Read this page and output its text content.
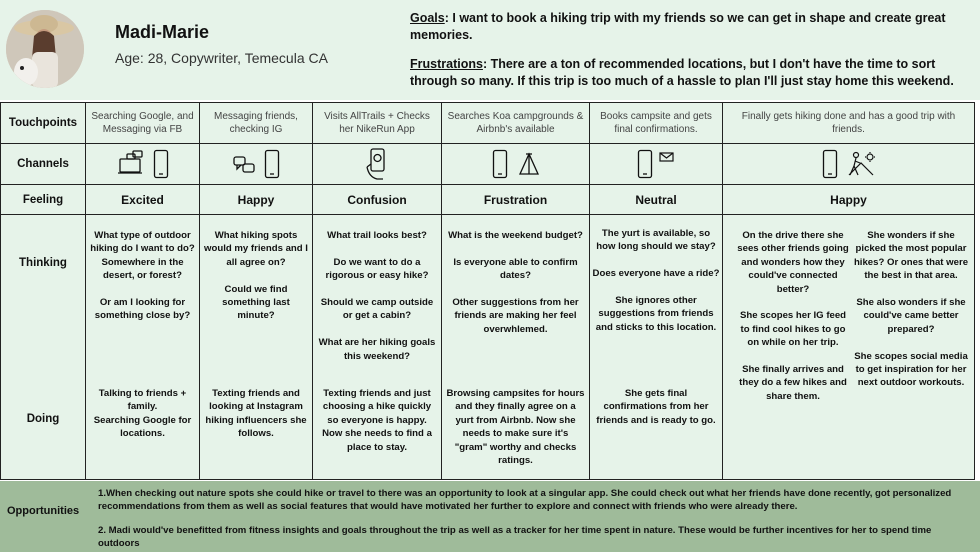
Madi-Marie
Age: 28, Copywriter, Temecula CA
Goals: I want to book a hiking trip with my friends so we can get in shape and create great memories.
Frustrations: There are a ton of recommended locations, but I don't have the time to sort through so many. If this trip is too much of a hassle to plan I'll just stay home this weekend.
Touchpoints
Channels
Feeling
Thinking
Doing
Searching Google, and Messaging via FB
Excited
What type of outdoor hiking do I want to do? Somewhere in the desert, or forest?

Or am I looking for something close by?
Talking to friends + family.
Searching Google for locations.
Messaging friends, checking IG
Happy
What hiking spots would my friends and I all agree on?

Could we find something last minute?
Texting friends and looking at Instagram hiking influencers she follows.
Visits AllTrails + Checks her NikeRun App
Confusion
What trail looks best?

Do we want to do a rigorous or easy hike?

Should we camp outside or get a cabin?

What are her hiking goals this weekend?
Texting friends and just choosing a hike quickly so everyone is happy. Now she needs to find a place to stay.
Searches Koa campgrounds & Airbnb's available
Frustration
What is the weekend budget?

Is everyone able to confirm dates?

Other suggestions from her friends are making her feel overwhlemed.
Browsing campsites for hours and they finally agree on a yurt from Airbnb. Now she needs to make sure it's "gram" worthy and checks ratings.
Books campsite and gets final confirmations.
Neutral
The yurt is available, so how long should we stay?

Does everyone have a ride?

She ignores other suggestions from friends and sticks to this location.
She gets final confirmations from her friends and is ready to go.
Finally gets hiking done and has a good trip with friends.
Happy
On the drive there she sees other friends going and wonders how they could've connected better?

She scopes her IG feed to find cool hikes to go on while on her trip.

She finally arrives and they do a few hikes and share them.
She wonders if she picked the most popular hikes? Or ones that were the best in that area.

She also wonders if she could've came better prepared?

She scopes social media to get inspiration for her next outdoor workouts.
Opportunities

1.When checking out nature spots she could hike or travel to there was an opportunity to look at a singular app. She could check out what her friends have done recently, got personalized recommendations from them as well as social features that would have motivated her further to explore and connect with friends who were already there.

2. Madi would've benefitted from fitness insights and goals throughout the trip as well as a tracker for her time spent in nature. These would be further incentives for her to spend time outdoors
